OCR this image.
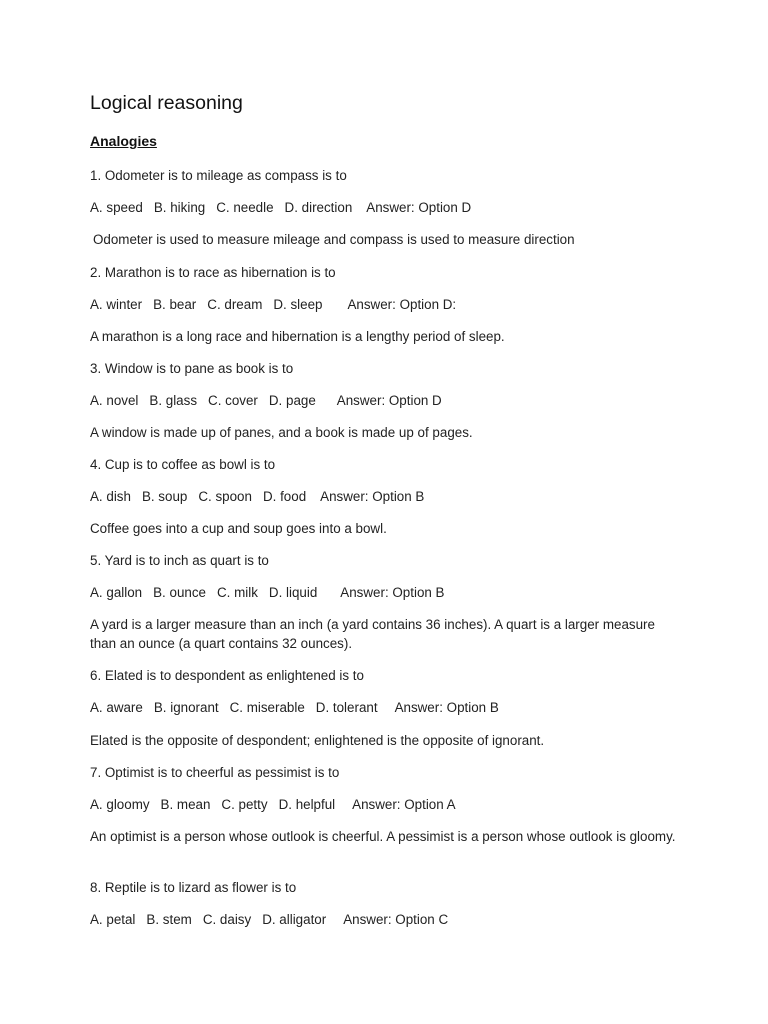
Logical reasoning
Analogies

1. Odometer is to mileage as compass is to

A. speed B. hiking C. needle D. direction Answer: Option D

Odometer is used to measure mileage and compass is used to measure direction

2. Marathon is to race as hibernation is to

A. winter B. bear C. dream D. sleep Answer: Option D:

A marathon is a long race and hibernation is a lengthy period of sleep.

3. Window is to pane as book is to

A. novel B. glass C. cover D. page Answer: Option D

A window is made up of panes, and a book is made up of pages.

4. Cup is to coffee as bowl is to

A. dish B. soup C. spoon D. food Answer: Option B

Coffee goes into a cup and soup goes into a bowl.

5. Yard is to inch as quart is to

A. gallon B. ounce C. milk D. liquid Answer: Option B

A yard is a larger measure than an inch (a yard contains 36 inches). A quart is a larger measure than an ounce (a quart contains 32 ounces).

6. Elated is to despondent as enlightened is to

A. aware B. ignorant C. miserable D. tolerant Answer: Option B

Elated is the opposite of despondent; enlightened is the opposite of ignorant.

7. Optimist is to cheerful as pessimist is to

A. gloomy B. mean C. petty D. helpful Answer: Option A

An optimist is a person whose outlook is cheerful. A pessimist is a person whose outlook is gloomy.

8. Reptile is to lizard as flower is to

A. petal B. stem C. daisy D. alligator Answer: Option C
